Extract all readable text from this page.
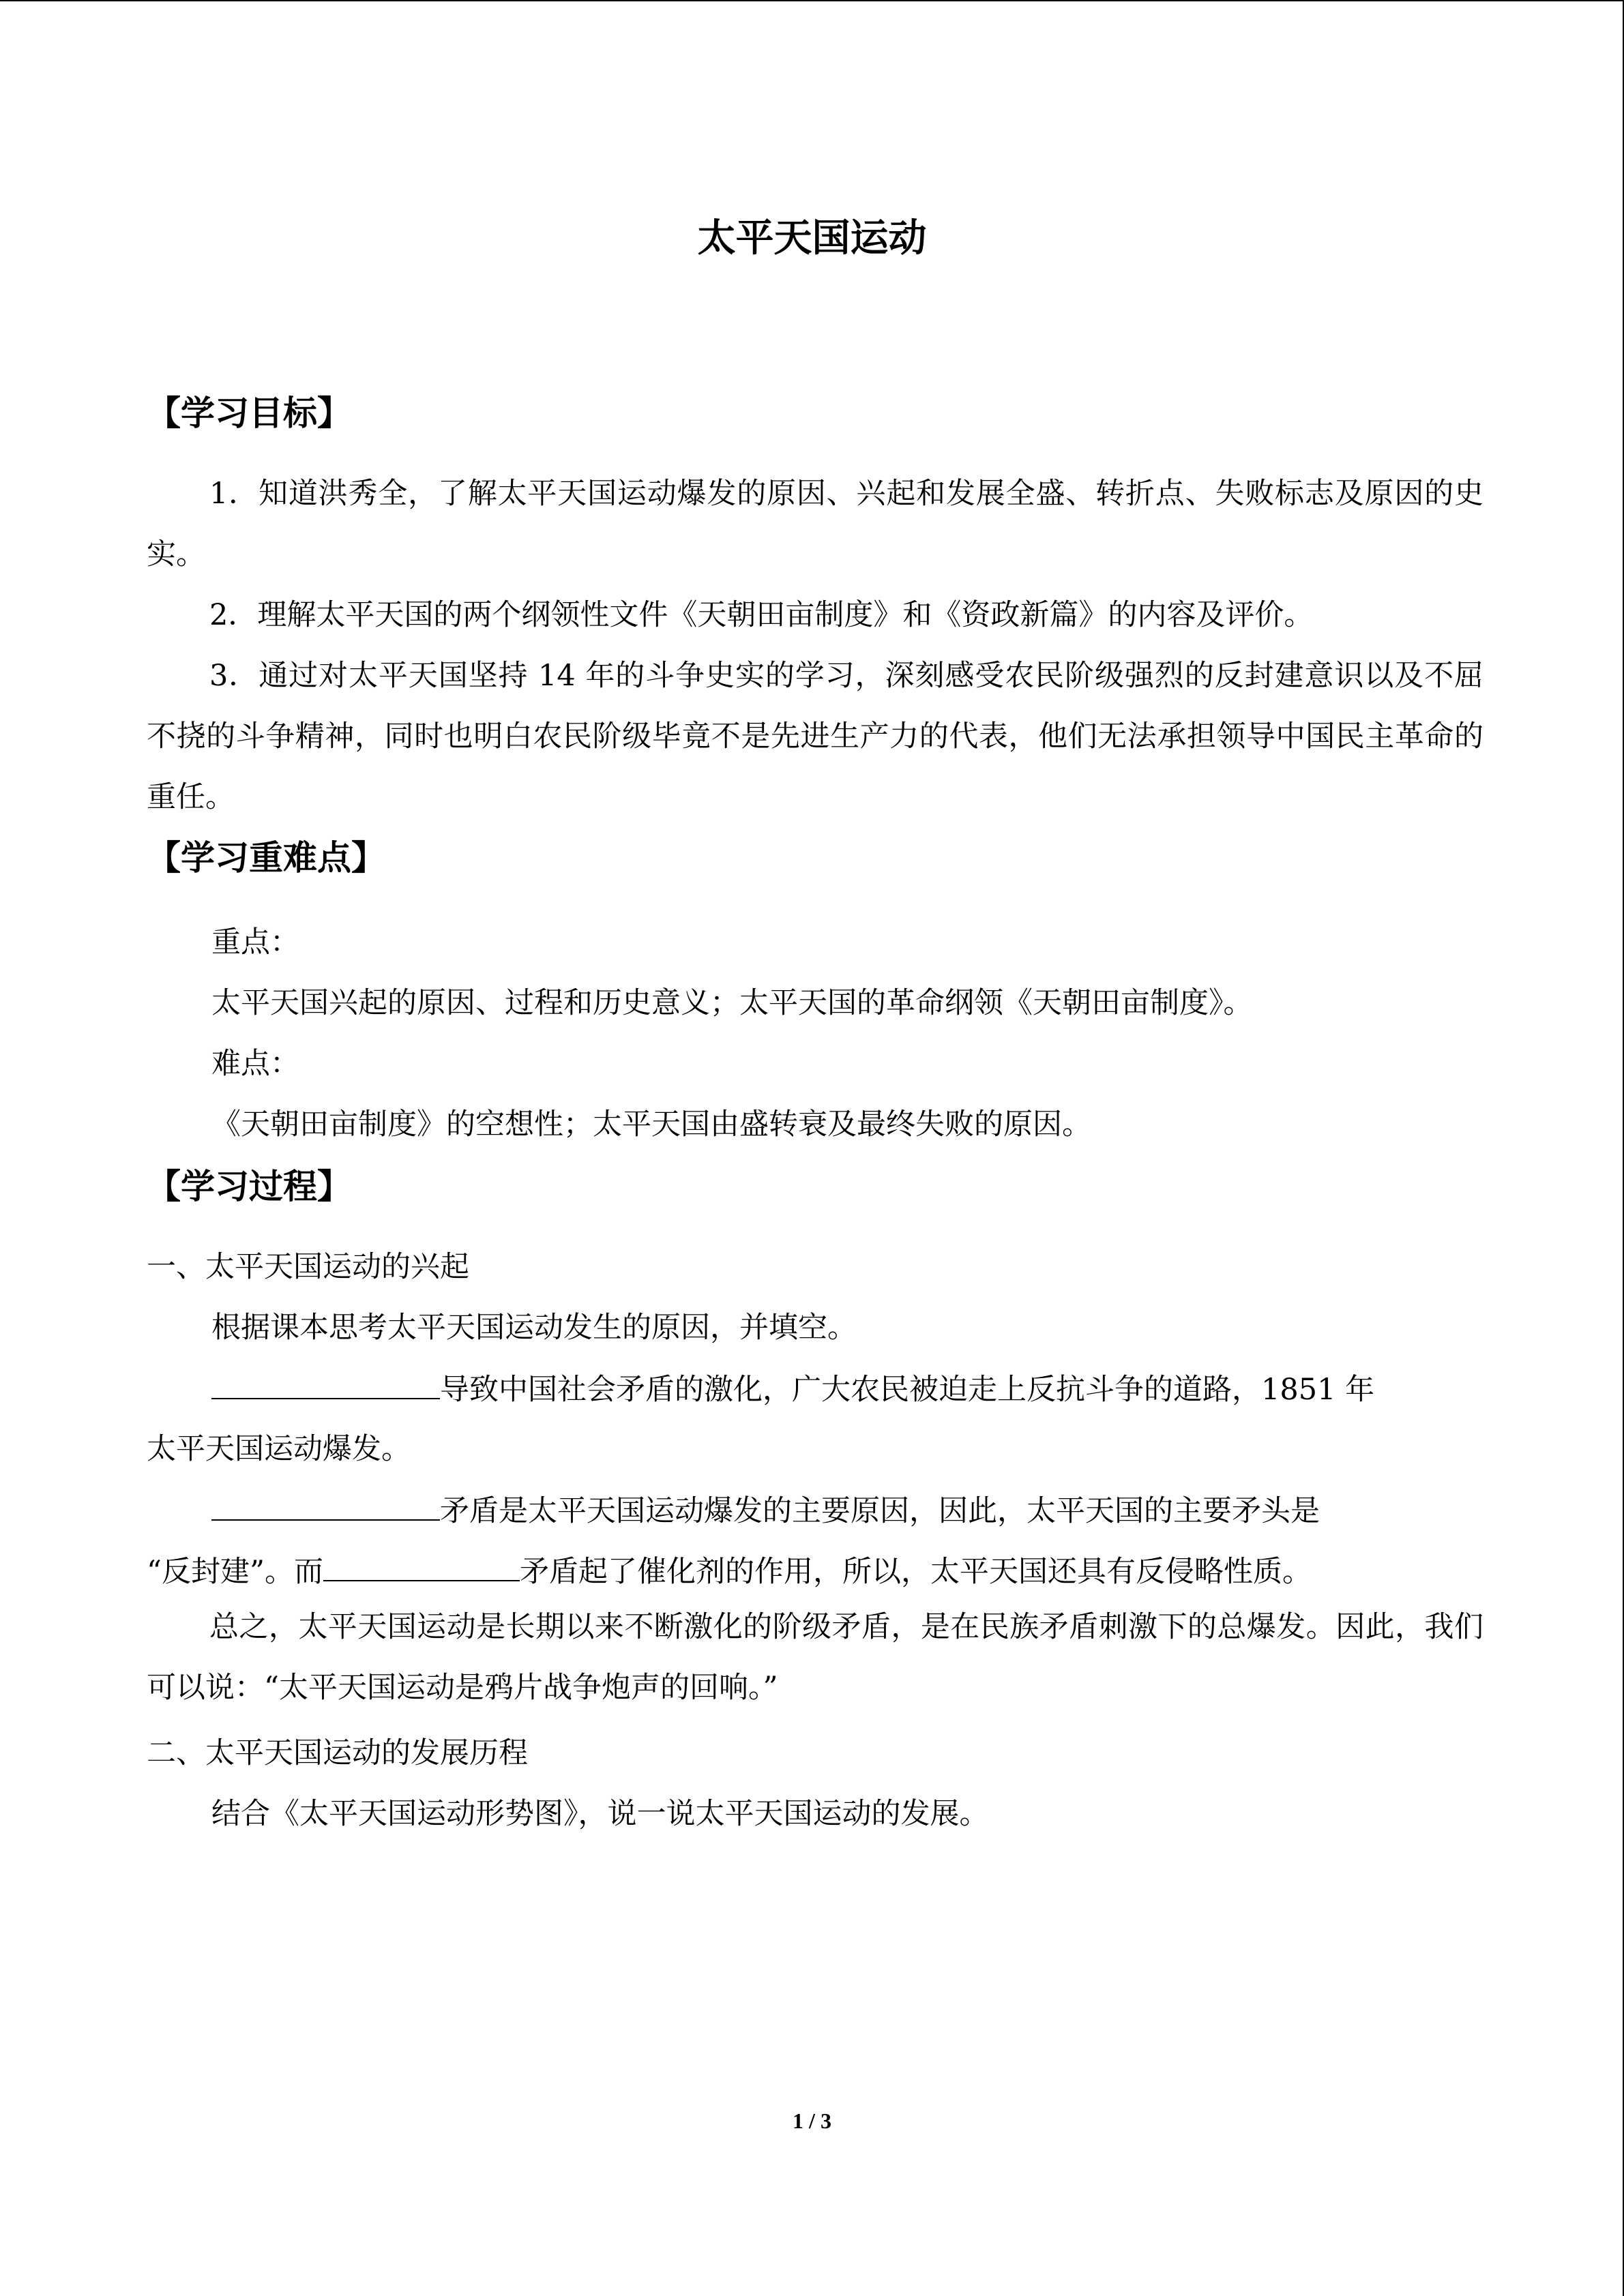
太平天国运动
【学习目标】
1．知道洪秀全，了解太平天国运动爆发的原因、兴起和发展全盛、转折点、失败标志及原因的史实。
2．理解太平天国的两个纲领性文件《天朝田亩制度》和《资政新篇》的内容及评价。
3．通过对太平天国坚持 14 年的斗争史实的学习，深刻感受农民阶级强烈的反封建意识以及不屈不挠的斗争精神，同时也明白农民阶级毕竟不是先进生产力的代表，他们无法承担领导中国民主革命的重任。
【学习重难点】
重点：
太平天国兴起的原因、过程和历史意义；太平天国的革命纲领《天朝田亩制度》。
难点：
《天朝田亩制度》的空想性；太平天国由盛转衰及最终失败的原因。
【学习过程】
一、太平天国运动的兴起
根据课本思考太平天国运动发生的原因，并填空。
导致中国社会矛盾的激化，广大农民被迫走上反抗斗争的道路，1851 年
太平天国运动爆发。
矛盾是太平天国运动爆发的主要原因，因此，太平天国的主要矛头是
“反封建”。而	矛盾起了催化剂的作用，所以，太平天国还具有反侵略性质。
总之，太平天国运动是长期以来不断激化的阶级矛盾，是在民族矛盾刺激下的总爆发。因此，我们可以说：“太平天国运动是鸦片战争炮声的回响。”
二、太平天国运动的发展历程
结合《太平天国运动形势图》，说一说太平天国运动的发展。
1 / 3
